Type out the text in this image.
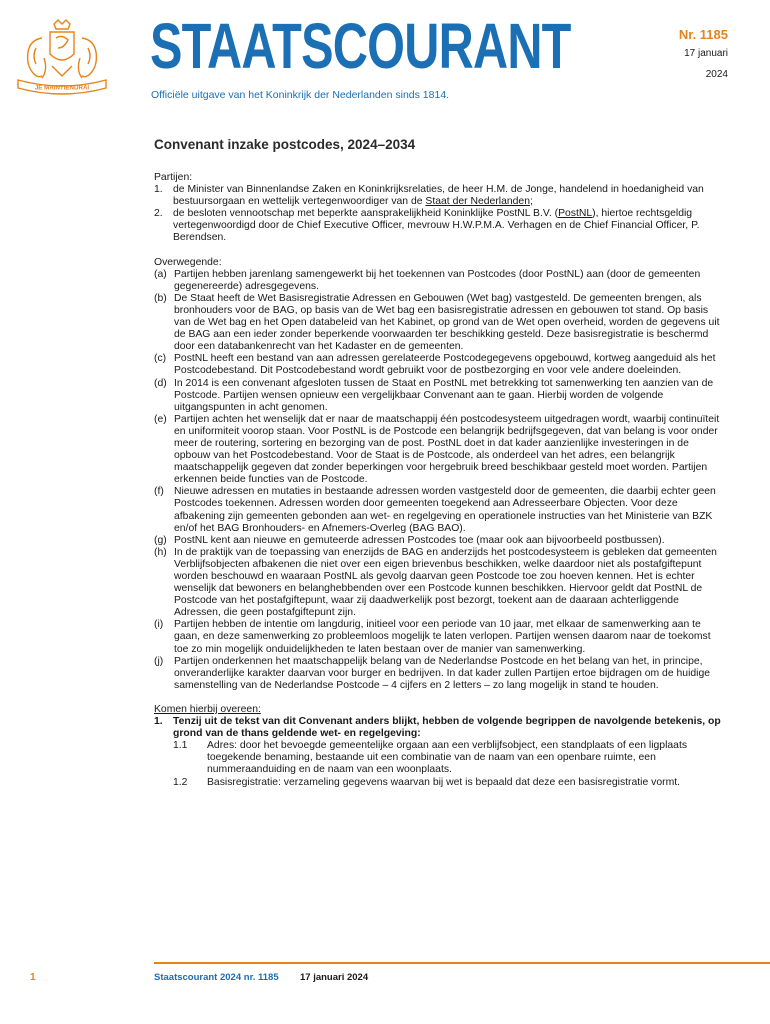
JE MAINTIENDRAI
STAATSCOURANT
Officiële uitgave van het Koninkrijk der Nederlanden sinds 1814.
Nr. 1185
17 januari
2024
Convenant inzake postcodes, 2024–2034

Partijen:

1. de Minister van Binnenlandse Zaken en Koninkrijksrelaties, de heer H.M. de Jonge, handelend in hoedanigheid van bestuursorgaan en wettelijk vertegenwoordiger van de Staat der Nederlanden;
2. de besloten vennootschap met beperkte aansprakelijkheid Koninklijke PostNL B.V. (PostNL), hiertoe rechtsgeldig vertegenwoordigd door de Chief Executive Officer, mevrouw H.W.P.M.A. Verhagen en de Chief Financial Officer, P. Berendsen.

Overwegende:

(a) Partijen hebben jarenlang samengewerkt bij het toekennen van Postcodes (door PostNL) aan (door de gemeenten gegenereerde) adresgegevens.
(b) De Staat heeft de Wet Basisregistratie Adressen en Gebouwen (Wet bag) vastgesteld. De gemeenten brengen, als bronhouders voor de BAG, op basis van de Wet bag een basisregistratie adressen en gebouwen tot stand. Op basis van de Wet bag en het Open databeleid van het Kabinet, op grond van de Wet open overheid, worden de gegevens uit de BAG aan een ieder zonder beperkende voorwaarden ter beschikking gesteld. Deze basisregistratie is beschermd door een databankenrecht van het Kadaster en de gemeenten.
(c) PostNL heeft een bestand van aan adressen gerelateerde Postcodegegevens opgebouwd, kortweg aangeduid als het Postcodebestand. Dit Postcodebestand wordt gebruikt voor de postbezorging en voor vele andere doeleinden.
(d) In 2014 is een convenant afgesloten tussen de Staat en PostNL met betrekking tot samenwerking ten aanzien van de Postcode. Partijen wensen opnieuw een vergelijkbaar Convenant aan te gaan. Hierbij worden de volgende uitgangspunten in acht genomen.
(e) Partijen achten het wenselijk dat er naar de maatschappij één postcodesysteem uitgedragen wordt, waarbij continuïteit en uniformiteit voorop staan. Voor PostNL is de Postcode een belangrijk bedrijfsgegeven, dat van belang is voor onder meer de routering, sortering en bezorging van de post. PostNL doet in dat kader aanzienlijke investeringen in de opbouw van het Postcodebestand. Voor de Staat is de Postcode, als onderdeel van het adres, een belangrijk maatschappelijk gegeven dat zonder beperkingen voor hergebruik breed beschikbaar gesteld moet worden. Partijen erkennen beide functies van de Postcode.
(f) Nieuwe adressen en mutaties in bestaande adressen worden vastgesteld door de gemeenten, die daarbij echter geen Postcodes toekennen. Adressen worden door gemeenten toegekend aan Adresseerbare Objecten. Voor deze afbakening zijn gemeenten gebonden aan wet- en regelgeving en operationele instructies van het Ministerie van BZK en/of het BAG Bronhouders- en Afnemers-Overleg (BAG BAO).
(g) PostNL kent aan nieuwe en gemuteerde adressen Postcodes toe (maar ook aan bijvoorbeeld postbussen).
(h) In de praktijk van de toepassing van enerzijds de BAG en anderzijds het postcodesysteem is gebleken dat gemeenten Verblijfsobjecten afbakenen die niet over een eigen brievenbus beschikken, welke daardoor niet als postafgiftepunt worden beschouwd en waaraan PostNL als gevolg daarvan geen Postcode toe zou hoeven kennen. Het is echter wenselijk dat bewoners en belanghebbenden over een Postcode kunnen beschikken. Hiervoor geldt dat PostNL de Postcode van het postafgiftepunt, waar zij daadwerkelijk post bezorgt, toekent aan de daaraan achterliggende Adressen, die geen postafgiftepunt zijn.
(i)	Partijen hebben de intentie om langdurig, initieel voor een periode van 10 jaar, met elkaar de samenwerking aan te gaan, en deze samenwerking zo probleemloos mogelijk te laten verlopen. Partijen wensen daarom naar de toekomst toe zo min mogelijk onduidelijkheden te laten bestaan over de manier van samenwerking.
(j)	Partijen onderkennen het maatschappelijk belang van de Nederlandse Postcode en het belang van het, in principe, onveranderlijke karakter daarvan voor burger en bedrijven. In dat kader zullen Partijen ertoe bijdragen om de huidige samenstelling van de Nederlandse Postcode – 4 cijfers en 2 letters – zo lang mogelijk in stand te houden.

Komen hierbij overeen:

1. Tenzij uit de tekst van dit Convenant anders blijkt, hebben de volgende begrippen de navolgende betekenis, op grond van de thans geldende wet- en regelgeving:
1.1	Adres: door het bevoegde gemeentelijke orgaan aan een verblijfsobject, een standplaats of een ligplaats toegekende benaming, bestaande uit een combinatie van de naam van een openbare ruimte, een nummeraanduiding en de naam van een woonplaats.
1.2	Basisregistratie: verzameling gegevens waarvan bij wet is bepaald dat deze een basisregistratie vormt.
1	Staatscourant 2024 nr. 1185 17 januari 2024
